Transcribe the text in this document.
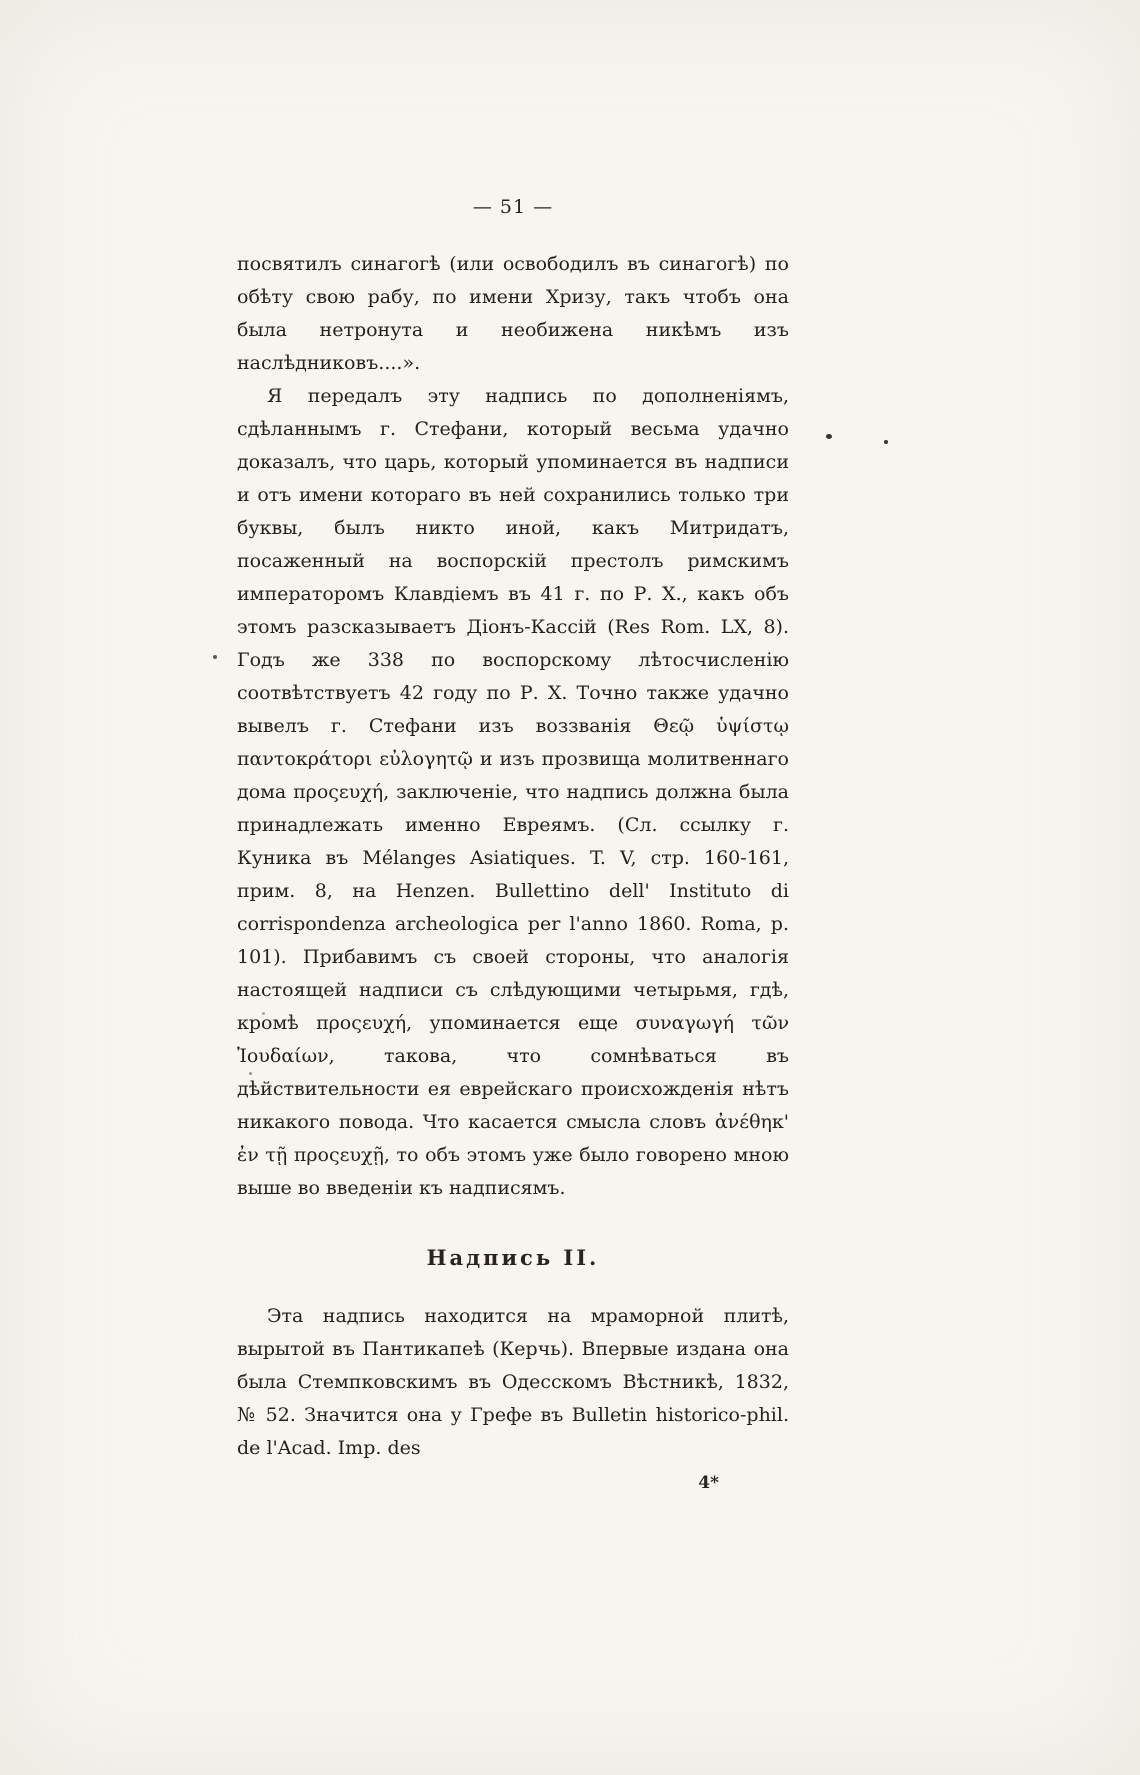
— 51 —

посвятилъ синагогѣ (или освободилъ въ синагогѣ) по обѣту свою рабу, по имени Хризу, такъ чтобъ она была нетронута и необижена никѣмъ изъ наслѣдниковъ....».

Я передалъ эту надпись по дополненіямъ, сдѣланнымъ г. Стефани, который весьма удачно доказалъ, что царь, который упоминается въ надписи и отъ имени котораго въ ней сохранились только три буквы, былъ никто иной, какъ Митридатъ, посаженный на воспорскій престолъ римскимъ императоромъ Клавдіемъ въ 41 г. по Р. Х., какъ объ этомъ разсказываетъ Діонъ-Кассій (Res Rom. LX, 8). Годъ же 338 по воспорскому лѣтосчисленію соотвѣтствуетъ 42 году по Р. Х. Точно также удачно вывелъ г. Стефани изъ воззванія Θεῷ ὑψίστῳ παντοκράτορι εὐλογητῷ и изъ прозвища молитвеннаго дома προςευχή, заключеніе, что надпись должна была принадлежать именно Евреямъ. (Сл. ссылку г. Куника въ Mélanges Asiatiques. T. V, стр. 160-161, прим. 8, на Henzen. Bullettino dell' Instituto di corrispondenza archeologica per l'anno 1860. Roma, p. 101). Прибавимъ съ своей стороны, что аналогія настоящей надписи съ слѣдующими четырьмя, гдѣ, кромѣ προςευχή, упоминается еще συναγωγή τῶν Ἰουδαίων, такова, что сомнѣваться въ дѣйствительности ея еврейскаго происхожденія нѣтъ никакого повода. Что касается смысла словъ ἀνέθηκ' ἐν τῇ προςευχῇ, то объ этомъ уже было говорено мною выше во введеніи къ надписямъ.

Надпись II.

Эта надпись находится на мраморной плитѣ, вырытой въ Пантикапеѣ (Керчь). Впервые издана она была Стемпковскимъ въ Одесскомъ Вѣстникѣ, 1832, № 52. Значится она у Грефе въ Bulletin historico-phil. de l'Acad. Imp. des

4*
